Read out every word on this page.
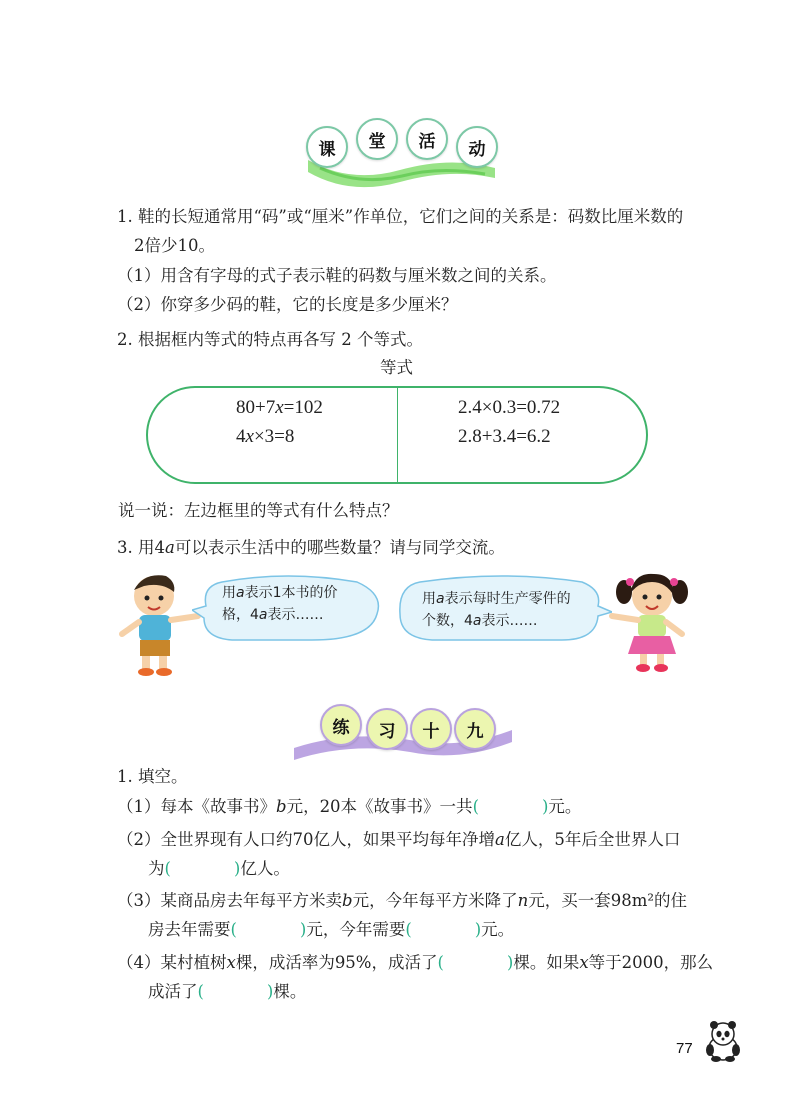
课	堂	活	动
1. 鞋的长短通常用“码”或“厘米”作单位，它们之间的关系是：码数比厘米数的
2倍少10。
（1）用含有字母的式子表示鞋的码数与厘米数之间的关系。
（2）你穿多少码的鞋，它的长度是多少厘米？
2. 根据框内等式的特点再各写 2 个等式。
等式
80+7x=102
4x×3=8
2.4×0.3=0.72
2.8+3.4=6.2
说一说：左边框里的等式有什么特点？
3. 用4a可以表示生活中的哪些数量？请与同学交流。
用a表示1本书的价
格，4a表示……
用a表示每时生产零件的
个数，4a表示……
练	习	十	九
1. 填空。
（1）每本《故事书》b元，20本《故事书》一共(            )元。
（2）全世界现有人口约70亿人，如果平均每年净增a亿人，5年后全世界人口
为(            )亿人。
（3）某商品房去年每平方米卖b元，今年每平方米降了n元，买一套98m²的住
房去年需要(            )元，今年需要(            )元。
（4）某村植树x棵，成活率为95%，成活了(            )棵。如果x等于2000，那么
成活了(            )棵。
77
